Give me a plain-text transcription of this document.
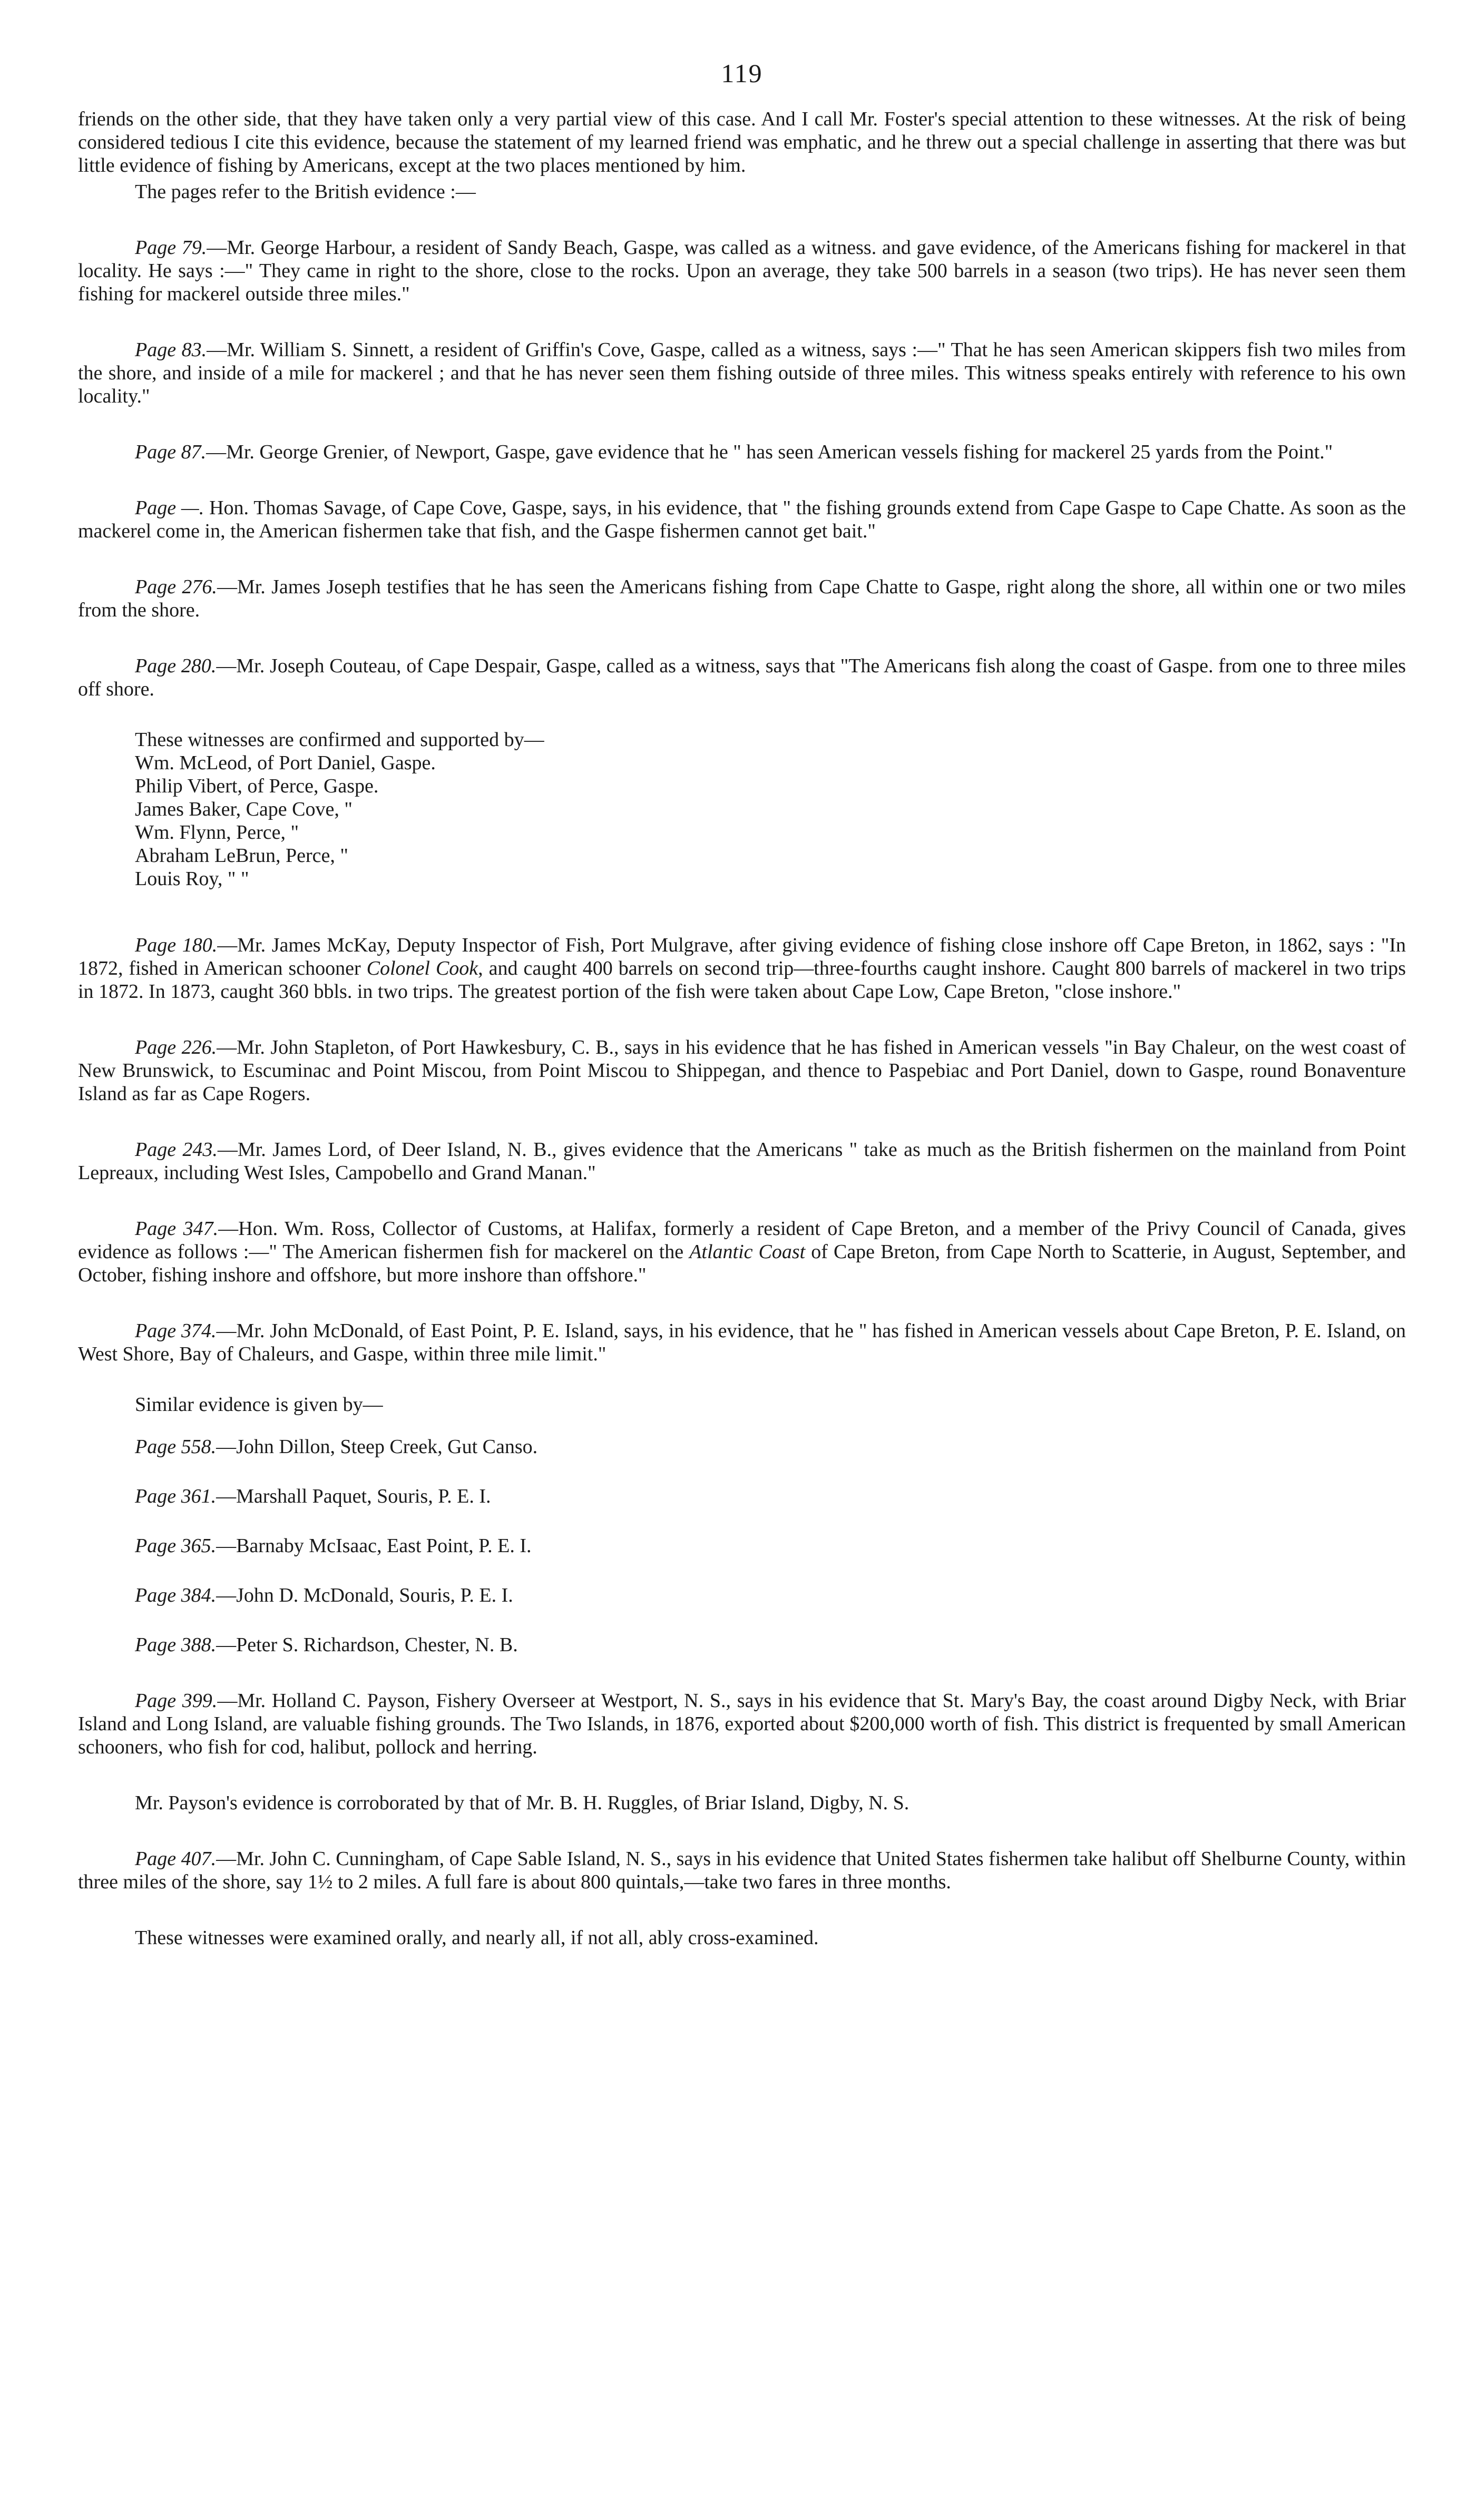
119

friends on the other side, that they have taken only a very partial view of this case. And I call Mr. Foster's special attention to these witnesses. At the risk of being considered tedious I cite this evidence, because the statement of my learned friend was emphatic, and he threw out a special challenge in asserting that there was but little evidence of fishing by Americans, except at the two places mentioned by him.

The pages refer to the British evidence :—

Page 79.—Mr. George Harbour, a resident of Sandy Beach, Gaspe, was called as a witness. and gave evidence, of the Americans fishing for mackerel in that locality. He says :—" They came in right to the shore, close to the rocks. Upon an average, they take 500 barrels in a season (two trips). He has never seen them fishing for mackerel outside three miles."

Page 83.—Mr. William S. Sinnett, a resident of Griffin's Cove, Gaspe, called as a witness, says :—" That he has seen American skippers fish two miles from the shore, and inside of a mile for mackerel ; and that he has never seen them fishing outside of three miles. This witness speaks entirely with reference to his own locality."

Page 87.—Mr. George Grenier, of Newport, Gaspe, gave evidence that he " has seen American vessels fishing for mackerel 25 yards from the Point."

Page —. Hon. Thomas Savage, of Cape Cove, Gaspe, says, in his evidence, that " the fishing grounds extend from Cape Gaspe to Cape Chatte. As soon as the mackerel come in, the American fishermen take that fish, and the Gaspe fishermen cannot get bait."

Page 276.—Mr. James Joseph testifies that he has seen the Americans fishing from Cape Chatte to Gaspe, right along the shore, all within one or two miles from the shore.

Page 280.—Mr. Joseph Couteau, of Cape Despair, Gaspe, called as a witness, says that "The Americans fish along the coast of Gaspe. from one to three miles off shore.

These witnesses are confirmed and supported by—
Wm. McLeod, of Port Daniel, Gaspe.
Philip Vibert, of Perce, Gaspe.
James Baker, Cape Cove, "
Wm. Flynn, Perce, "
Abraham LeBrun, Perce, "
Louis Roy, " "

Page 180.—Mr. James McKay, Deputy Inspector of Fish, Port Mulgrave, after giving evidence of fishing close inshore off Cape Breton, in 1862, says : "In 1872, fished in American schooner Colonel Cook, and caught 400 barrels on second trip—three-fourths caught inshore. Caught 800 barrels of mackerel in two trips in 1872. In 1873, caught 360 bbls. in two trips. The greatest portion of the fish were taken about Cape Low, Cape Breton, "close inshore."

Page 226.—Mr. John Stapleton, of Port Hawkesbury, C. B., says in his evidence that he has fished in American vessels "in Bay Chaleur, on the west coast of New Brunswick, to Escuminac and Point Miscou, from Point Miscou to Shippegan, and thence to Paspebiac and Port Daniel, down to Gaspe, round Bonaventure Island as far as Cape Rogers.

Page 243.—Mr. James Lord, of Deer Island, N. B., gives evidence that the Americans " take as much as the British fishermen on the mainland from Point Lepreaux, including West Isles, Campobello and Grand Manan."

Page 347.—Hon. Wm. Ross, Collector of Customs, at Halifax, formerly a resident of Cape Breton, and a member of the Privy Council of Canada, gives evidence as follows :—" The American fishermen fish for mackerel on the Atlantic Coast of Cape Breton, from Cape North to Scatterie, in August, September, and October, fishing inshore and offshore, but more inshore than offshore."

Page 374.—Mr. John McDonald, of East Point, P. E. Island, says, in his evidence, that he " has fished in American vessels about Cape Breton, P. E. Island, on West Shore, Bay of Chaleurs, and Gaspe, within three mile limit."

Similar evidence is given by—
Page 558.—John Dillon, Steep Creek, Gut Canso.
Page 361.—Marshall Paquet, Souris, P. E. I.
Page 365.—Barnaby McIsaac, East Point, P. E. I.
Page 384.—John D. McDonald, Souris, P. E. I.
Page 388.—Peter S. Richardson, Chester, N. B.

Page 399.—Mr. Holland C. Payson, Fishery Overseer at Westport, N. S., says in his evidence that St. Mary's Bay, the coast around Digby Neck, with Briar Island and Long Island, are valuable fishing grounds. The Two Islands, in 1876, exported about $200,000 worth of fish. This district is frequented by small American schooners, who fish for cod, halibut, pollock and herring.

Mr. Payson's evidence is corroborated by that of Mr. B. H. Ruggles, of Briar Island, Digby, N. S.

Page 407.—Mr. John C. Cunningham, of Cape Sable Island, N. S., says in his evidence that United States fishermen take halibut off Shelburne County, within three miles of the shore, say 1½ to 2 miles. A full fare is about 800 quintals,—take two fares in three months.

These witnesses were examined orally, and nearly all, if not all, ably cross-examined.
